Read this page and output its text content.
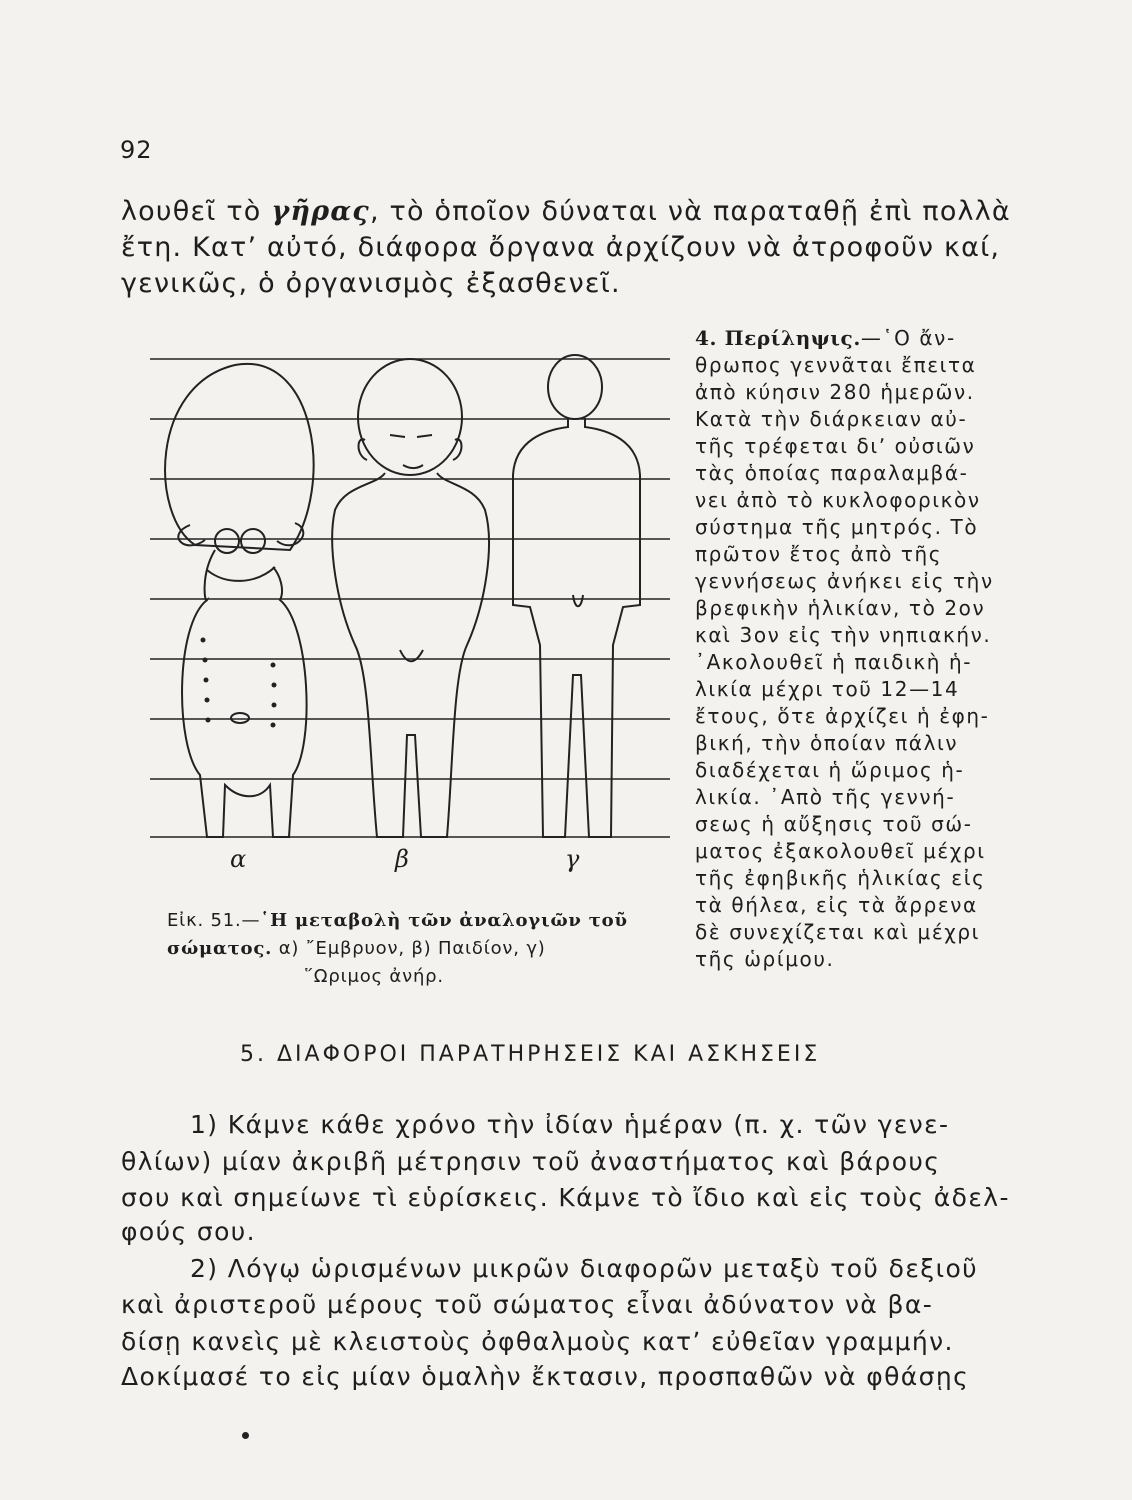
92
λουθεῖ τὸ γῆρας, τὸ ὁποῖον δύναται νὰ παραταθῇ ἐπὶ πολλὰ
ἔτη. Κατʼ αὐτό, διάφορα ὄργανα ἀρχίζουν νὰ ἀτροφοῦν καί,
γενικῶς, ὁ ὀργανισμὸς ἐξασθενεῖ.
α	β	γ
Εἰκ. 51.—῾Η μεταβολὴ τῶν ἀναλογιῶν τοῦ
σώματος. α) ῎Εμβρυον, β) Παιδίον, γ)
῞Ωριμος ἀνήρ.
4. Περίληψις.—῾Ο ἄν-
θρωπος γεννᾶται ἔπειτα
ἀπὸ κύησιν 280 ἡμερῶν.
Κατὰ τὴν διάρκειαν αὐ-
τῆς τρέφεται διʼ οὐσιῶν
τὰς ὁποίας παραλαμβά-
νει ἀπὸ τὸ κυκλοφορικὸν
σύστημα τῆς μητρός. Τὸ
πρῶτον ἔτος ἀπὸ τῆς
γεννήσεως ἀνήκει εἰς τὴν
βρεφικὴν ἡλικίαν, τὸ 2ον
καὶ 3ον εἰς τὴν νηπιακήν.
᾿Ακολουθεῖ ἡ παιδικὴ ἡ-
λικία μέχρι τοῦ 12—14
ἔτους, ὅτε ἀρχίζει ἡ ἐφη-
βική, τὴν ὁποίαν πάλιν
διαδέχεται ἡ ὥριμος ἡ-
λικία. ᾿Απὸ τῆς γεννή-
σεως ἡ αὔξησις τοῦ σώ-
ματος ἐξακολουθεῖ μέχρι
τῆς ἐφηβικῆς ἡλικίας εἰς
τὰ θήλεα, εἰς τὰ ἄρρενα
δὲ συνεχίζεται καὶ μέχρι
τῆς ὡρίμου.
5. ΔΙΑΦΟΡΟΙ ΠΑΡΑΤΗΡΗΣΕΙΣ ΚΑΙ ΑΣΚΗΣΕΙΣ
1) Κάμνε κάθε χρόνο τὴν ἰδίαν ἡμέραν (π. χ. τῶν γενε-
θλίων) μίαν ἀκριβῆ μέτρησιν τοῦ ἀναστήματος καὶ βάρους
σου καὶ σημείωνε τὶ εὑρίσκεις. Κάμνε τὸ ἴδιο καὶ εἰς τοὺς ἀδελ-
φούς σου.
2) Λόγῳ ὡρισμένων μικρῶν διαφορῶν μεταξὺ τοῦ δεξιοῦ
καὶ ἀριστεροῦ μέρους τοῦ σώματος εἶναι ἀδύνατον νὰ βα-
δίσῃ κανεὶς μὲ κλειστοὺς ὀφθαλμοὺς κατʼ εὐθεῖαν γραμμήν.
Δοκίμασέ το εἰς μίαν ὁμαλὴν ἔκτασιν, προσπαθῶν νὰ φθάσῃς
